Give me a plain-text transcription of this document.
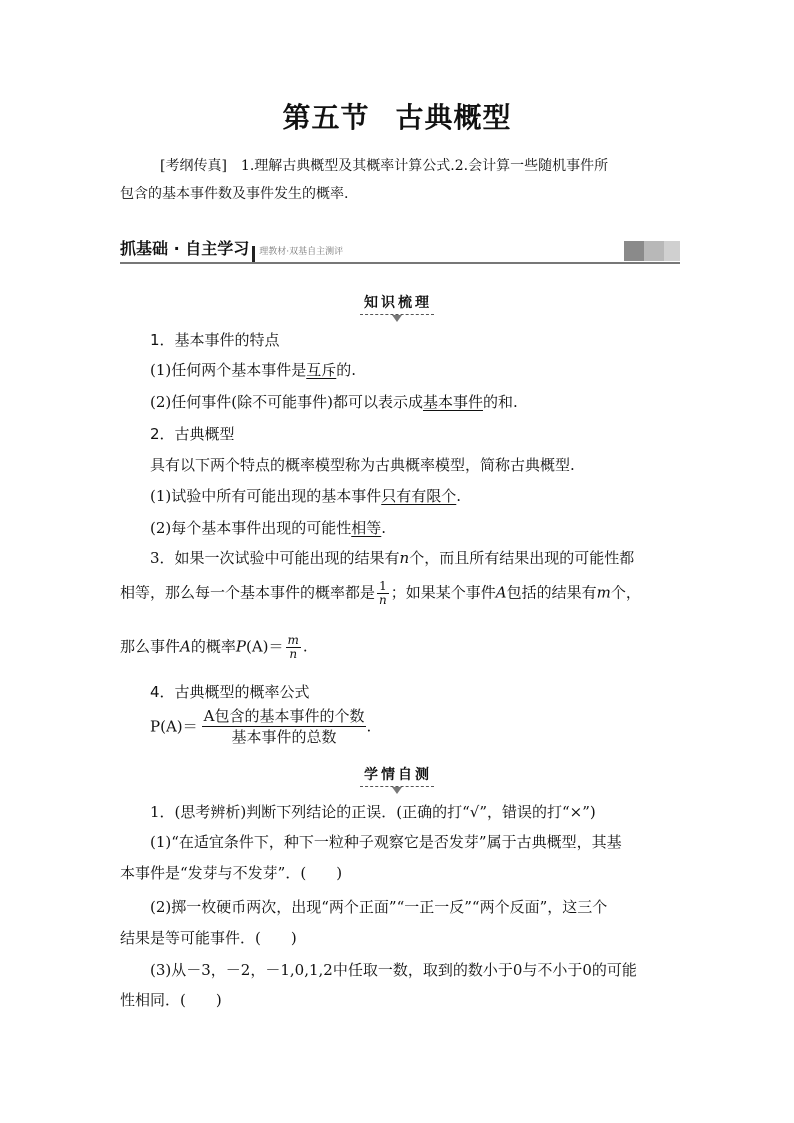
第五节 古典概型
[考纲传真]　1.理解古典概型及其概率计算公式.2.会计算一些随机事件所
包含的基本事件数及事件发生的概率.
抓基础 · 自主学习 理教材·双基自主测评
知识梳理
1．基本事件的特点
(1)任何两个基本事件是互斥的.
(2)任何事件(除不可能事件)都可以表示成基本事件的和.
2．古典概型
具有以下两个特点的概率模型称为古典概率模型，简称古典概型.
(1)试验中所有可能出现的基本事件只有有限个.
(2)每个基本事件出现的可能性相等.
3．如果一次试验中可能出现的结果有n个，而且所有结果出现的可能性都
相等，那么每一个基本事件的概率都是 $\frac{1}{n}$ ；如果某个事件A包括的结果有m个，
那么事件A的概率$P(A)= \frac{m}{n}$ .
4．古典概型的概率公式
$P(A)= \frac{\text{A包含的基本事件的个数}}{\text{基本事件的总数}}$ .
学情自测
1．(思考辨析)判断下列结论的正误．(正确的打“√”，错误的打“×”)
(1)“在适宜条件下，种下一粒种子观察它是否发芽”属于古典概型，其基
本事件是“发芽与不发芽”．(　　)
(2)掷一枚硬币两次，出现“两个正面”“一正一反”“两个反面”，这三个
结果是等可能事件．(　　)
(3)从－3，－2，－1,0,1,2中任取一数，取到的数小于0与不小于0的可能
性相同．(　　)
